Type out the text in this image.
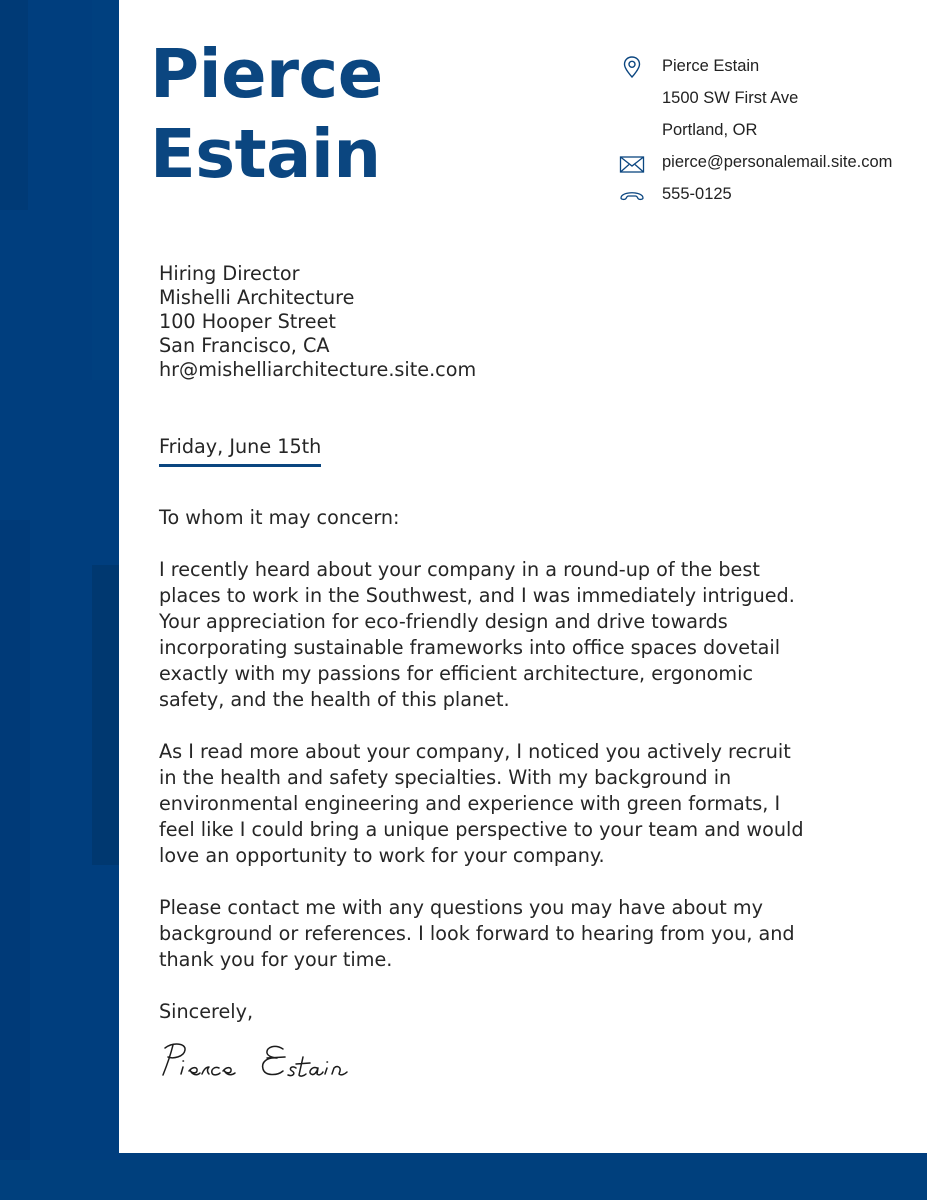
Pierce
Estain
Pierce Estain
1500 SW First Ave
Portland, OR
pierce@personalemail.site.com
555-0125
Hiring Director
Mishelli Architecture
100 Hooper Street
San Francisco, CA
hr@mishelliarchitecture.site.com
Friday, June 15th

To whom it may concern:

I recently heard about your company in a round-up of the best places to work in the Southwest, and I was immediately intrigued. Your appreciation for eco-friendly design and drive towards incorporating sustainable frameworks into office spaces dovetail exactly with my passions for efficient architecture, ergonomic safety, and the health of this planet.

As I read more about your company, I noticed you actively recruit in the health and safety specialties. With my background in environmental engineering and experience with green formats, I feel like I could bring a unique perspective to your team and would love an opportunity to work for your company.

Please contact me with any questions you may have about my background or references. I look forward to hearing from you, and thank you for your time.

Sincerely,
